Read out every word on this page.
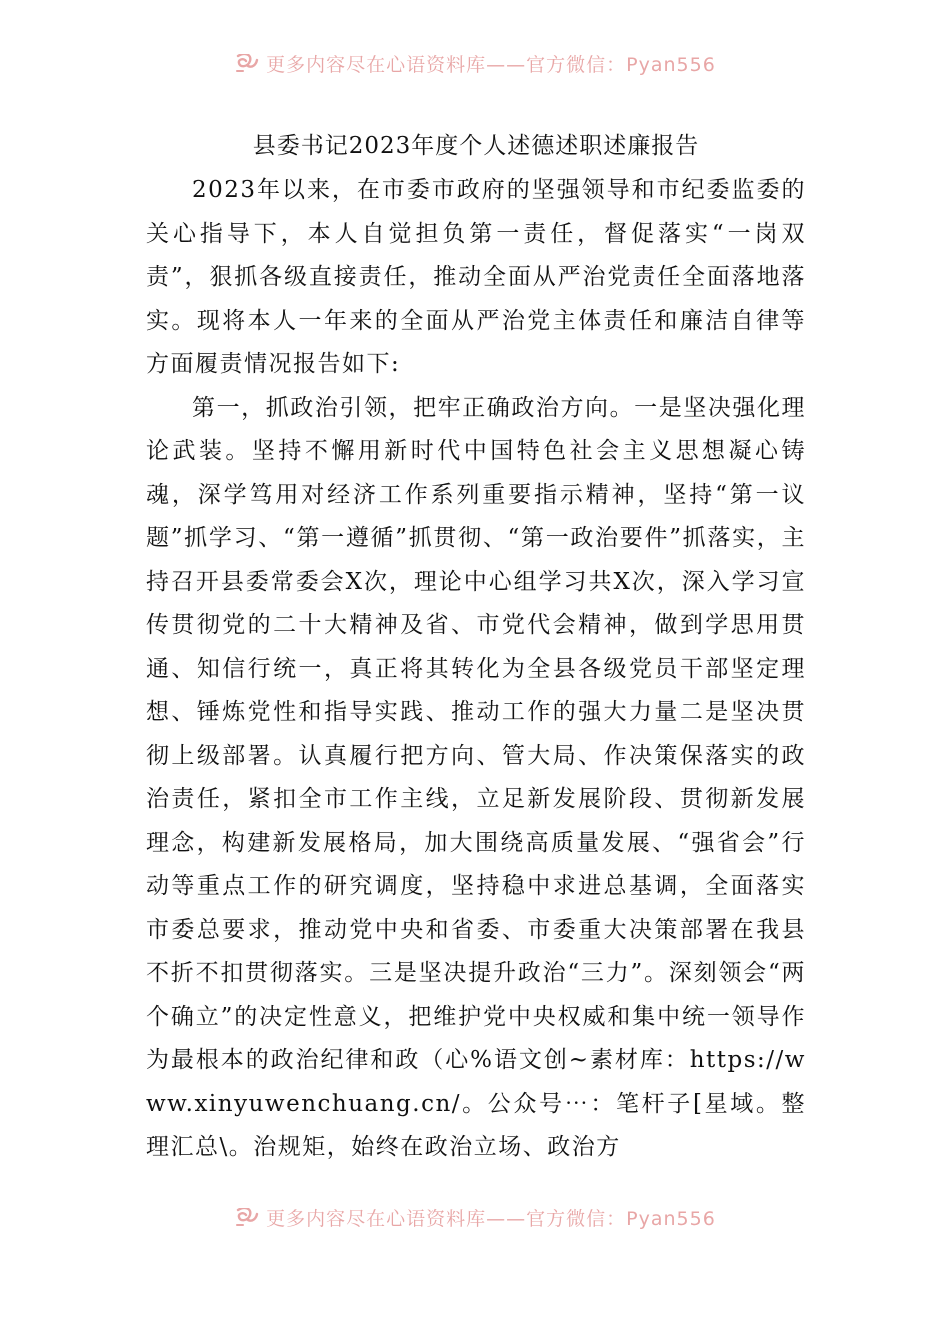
更多内容尽在心语资料库——官方微信：Pyan556
县委书记2023年度个人述德述职述廉报告

2023年以来，在市委市政府的坚强领导和市纪委监委的关心指导下，本人自觉担负第一责任，督促落实“一岗双责”，狠抓各级直接责任，推动全面从严治党责任全面落地落实。现将本人一年来的全面从严治党主体责任和廉洁自律等方面履责情况报告如下:

第一，抓政治引领，把牢正确政治方向。一是坚决强化理论武装。坚持不懈用新时代中国特色社会主义思想凝心铸魂，深学笃用对经济工作系列重要指示精神，坚持“第一议题”抓学习、“第一遵循”抓贯彻、“第一政治要件”抓落实，主持召开县委常委会X次，理论中心组学习共X次，深入学习宣传贯彻党的二十大精神及省、市党代会精神，做到学思用贯通、知信行统一，真正将其转化为全县各级党员干部坚定理想、锤炼党性和指导实践、推动工作的强大力量二是坚决贯彻上级部署。认真履行把方向、管大局、作决策保落实的政治责任，紧扣全市工作主线，立足新发展阶段、贯彻新发展理念，构建新发展格局，加大围绕高质量发展、“强省会”行动等重点工作的研究调度，坚持稳中求进总基调，全面落实市委总要求，推动党中央和省委、市委重大决策部署在我县不折不扣贯彻落实。三是坚决提升政治“三力”。深刻领会“两个确立”的决定性意义，把维护党中央权威和集中统一领导作为最根本的政治纪律和政（心%语文创~素材库：https://www.xinyuwenchuang.cn/。公众号⋯：笔杆子[星域。整理汇总\。治规矩，始终在政治立场、政治方

更多内容尽在心语资料库——官方微信：Pyan556
